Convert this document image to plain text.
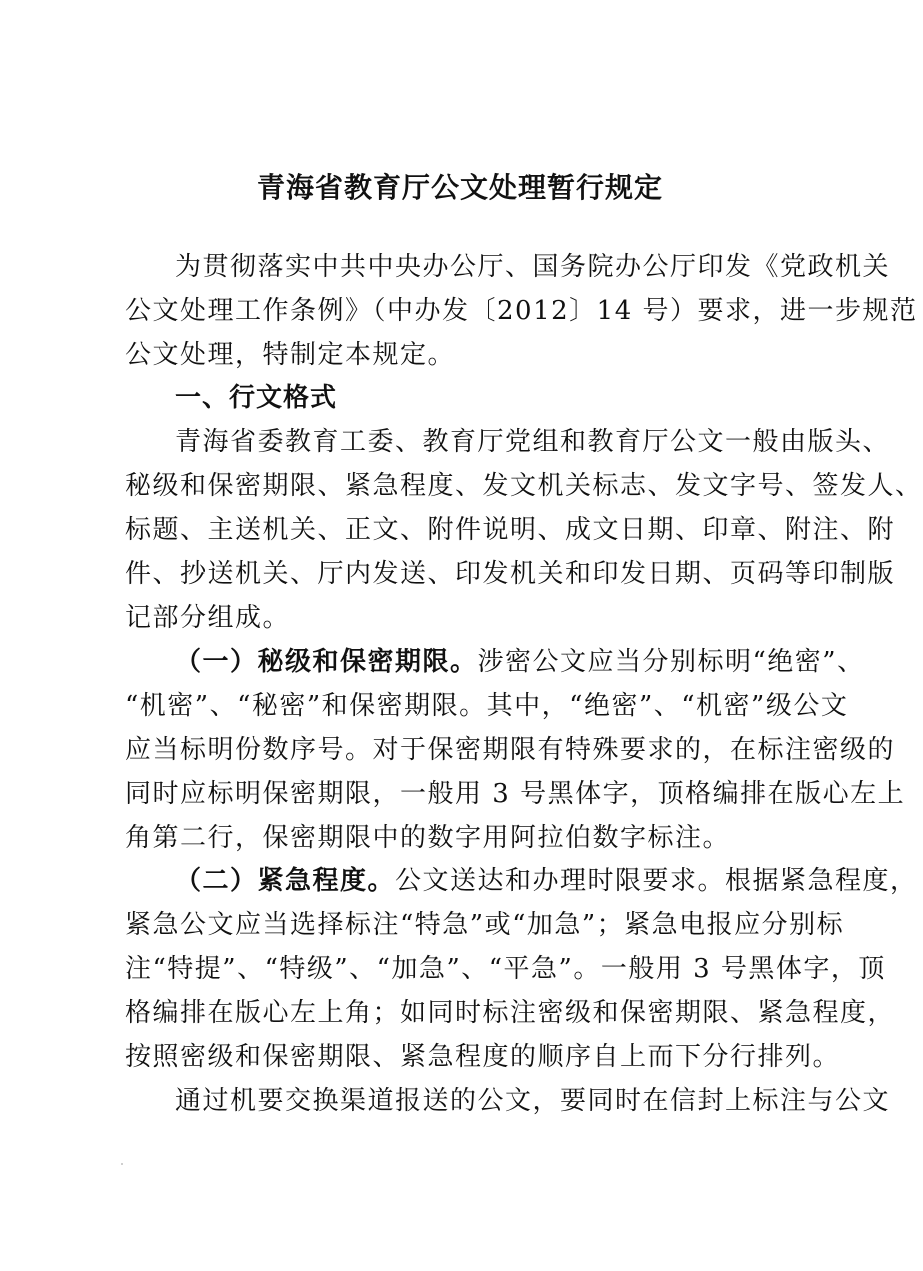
青海省教育厅公文处理暂行规定
为贯彻落实中共中央办公厅、国务院办公厅印发《党政机关
公文处理工作条例》（中办发〔2012〕14 号）要求，进一步规范
公文处理，特制定本规定。
一、行文格式
青海省委教育工委、教育厅党组和教育厅公文一般由版头、
秘级和保密期限、紧急程度、发文机关标志、发文字号、签发人、
标题、主送机关、正文、附件说明、成文日期、印章、附注、附
件、抄送机关、厅内发送、印发机关和印发日期、页码等印制版
记部分组成。
（一）秘级和保密期限。涉密公文应当分别标明“绝密”、
“机密”、“秘密”和保密期限。其中，“绝密”、“机密”级公文
应当标明份数序号。对于保密期限有特殊要求的，在标注密级的
同时应标明保密期限，一般用 3 号黑体字，顶格编排在版心左上
角第二行，保密期限中的数字用阿拉伯数字标注。
（二）紧急程度。公文送达和办理时限要求。根据紧急程度，
紧急公文应当选择标注“特急”或“加急”；紧急电报应分别标
注“特提”、“特级”、“加急”、“平急”。一般用 3 号黑体字，顶
格编排在版心左上角；如同时标注密级和保密期限、紧急程度，
按照密级和保密期限、紧急程度的顺序自上而下分行排列。
通过机要交换渠道报送的公文，要同时在信封上标注与公文
